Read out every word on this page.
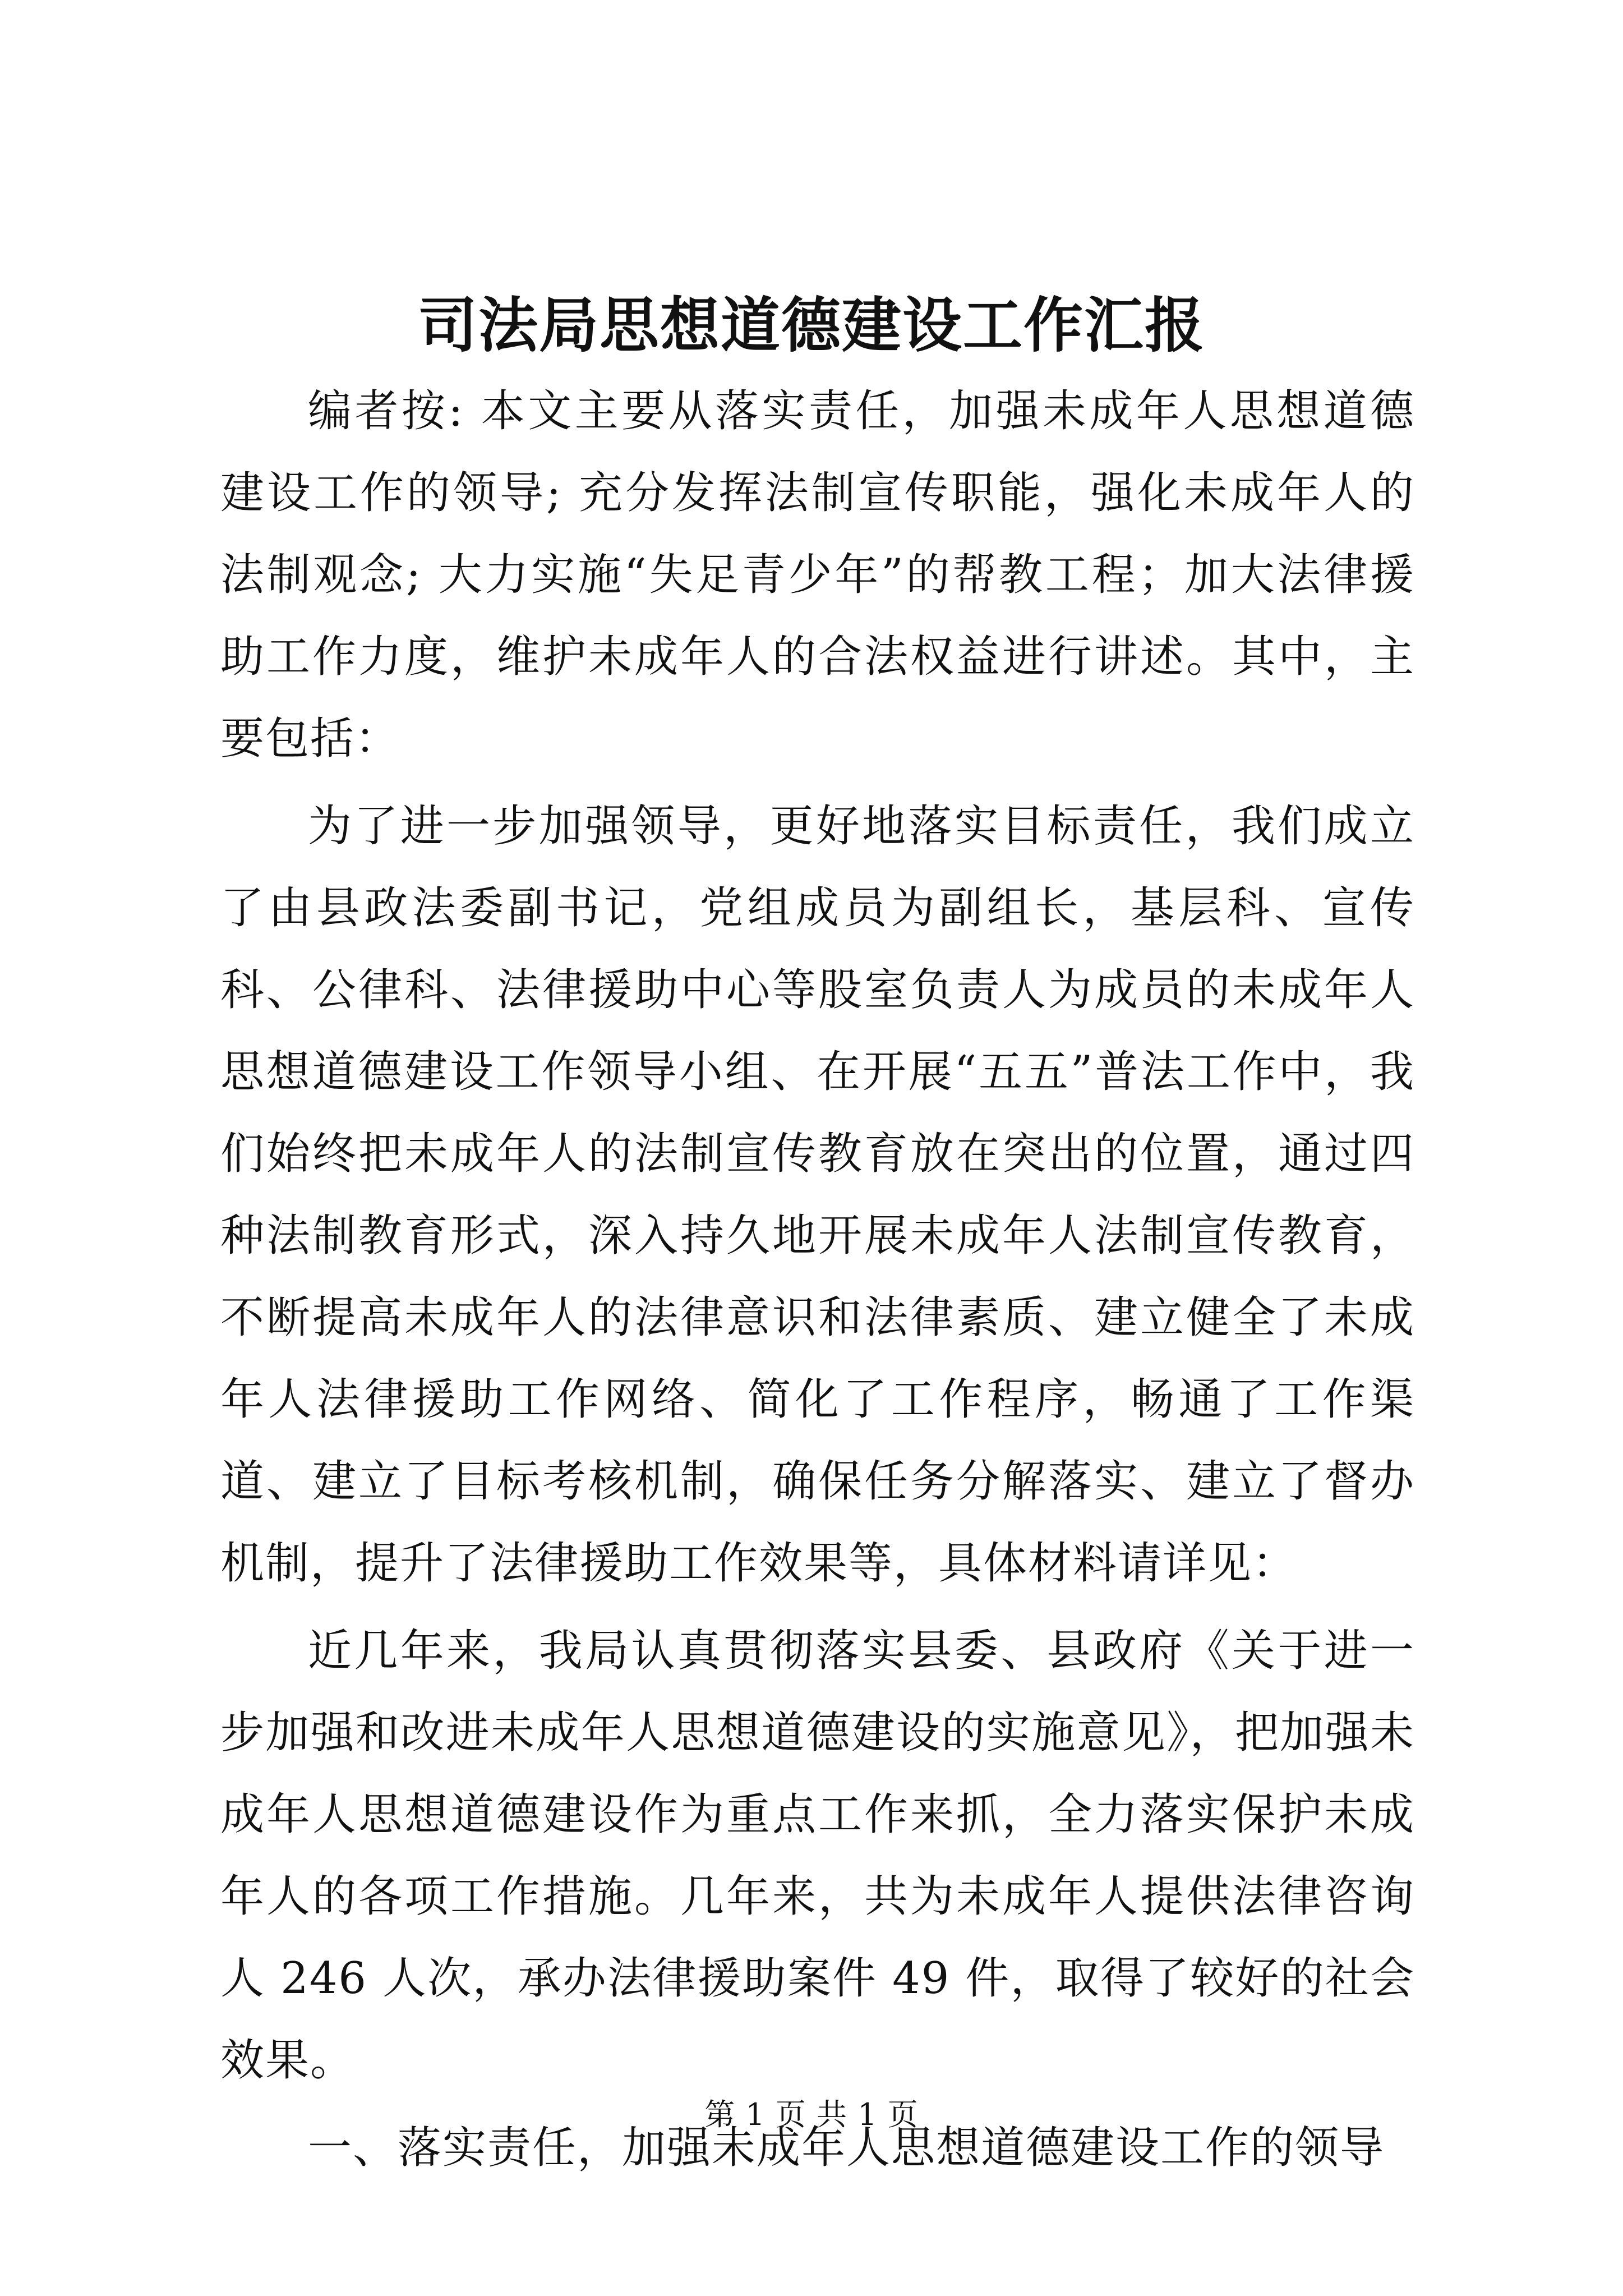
司法局思想道德建设工作汇报

编者按: 本文主要从落实责任，加强未成年人思想道德建设工作的领导; 充分发挥法制宣传职能，强化未成年人的法制观念; 大力实施“失足青少年”的帮教工程；加大法律援助工作力度，维护未成年人的合法权益进行讲述。其中，主要包括：

为了进一步加强领导，更好地落实目标责任，我们成立了由县政法委副书记，党组成员为副组长，基层科、宣传科、公律科、法律援助中心等股室负责人为成员的未成年人思想道德建设工作领导小组、在开展“五五”普法工作中，我们始终把未成年人的法制宣传教育放在突出的位置，通过四种法制教育形式，深入持久地开展未成年人法制宣传教育，不断提高未成年人的法律意识和法律素质、建立健全了未成年人法律援助工作网络、简化了工作程序，畅通了工作渠道、建立了目标考核机制，确保任务分解落实、建立了督办机制，提升了法律援助工作效果等，具体材料请详见：

近几年来，我局认真贯彻落实县委、县政府《关于进一步加强和改进未成年人思想道德建设的实施意见》，把加强未成年人思想道德建设作为重点工作来抓，全力落实保护未成年人的各项工作措施。几年来，共为未成年人提供法律咨询人 246 人次，承办法律援助案件 49 件，取得了较好的社会效果。

一、落实责任，加强未成年人思想道德建设工作的领导

第 1 页 共 1 页
